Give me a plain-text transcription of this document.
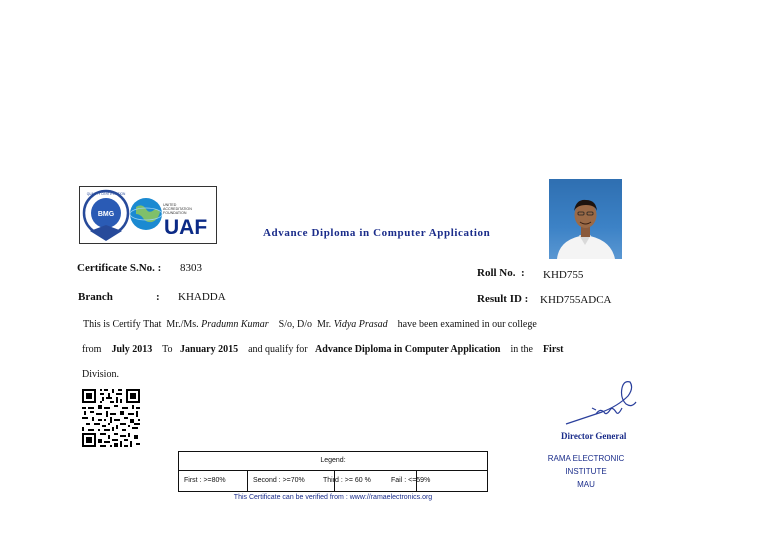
BMG
QUALITY CERTIFICATION
UNITED
ACCREDITATION
FOUNDATION
UAF	Advance Diploma in Computer Application
Certificate S.No. : 8303
Branch	: KHADDA
Roll No.  : KHD755
Result ID : KHD755ADCA
This is Certify That Mr./Ms. Pradumn Kumar S/o, D/o Mr. Vidya Prasad have been examined in our college
from July 2013 To January 2015 and qualify for Advance Diploma in Computer Application in the First
Division.
Director General
RAMA ELECTRONIC INSTITUTE
MAU
Legend:
First : >=80%	Second : >=70%	Third : >= 60 %	Fail : <=59%
This Certificate can be verified from : www://ramaelectronics.org
